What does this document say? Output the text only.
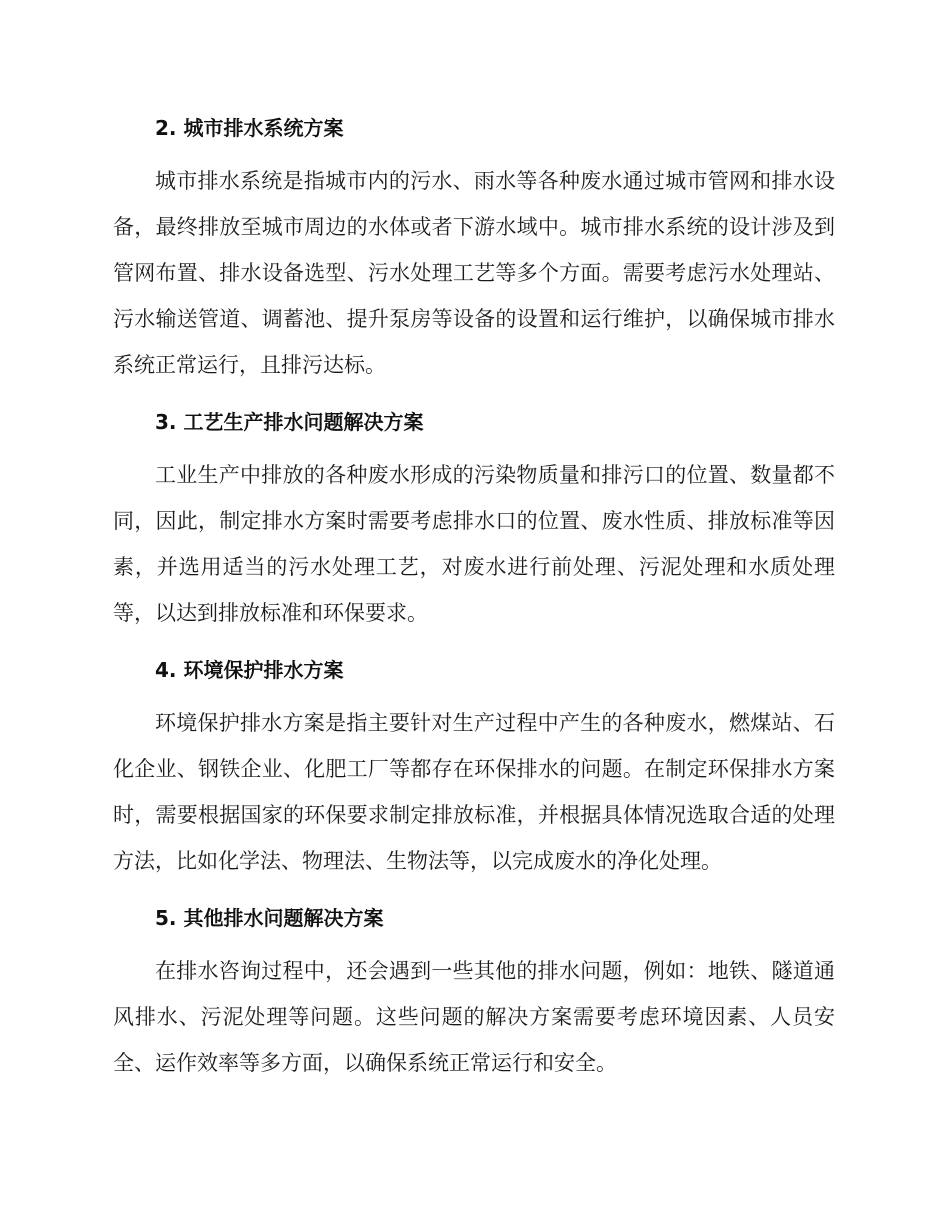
2. 城市排水系统方案

城市排水系统是指城市内的污水、雨水等各种废水通过城市管网和排水设备，最终排放至城市周边的水体或者下游水域中。城市排水系统的设计涉及到管网布置、排水设备选型、污水处理工艺等多个方面。需要考虑污水处理站、污水输送管道、调蓄池、提升泵房等设备的设置和运行维护，以确保城市排水系统正常运行，且排污达标。

3. 工艺生产排水问题解决方案

工业生产中排放的各种废水形成的污染物质量和排污口的位置、数量都不同，因此，制定排水方案时需要考虑排水口的位置、废水性质、排放标准等因素，并选用适当的污水处理工艺，对废水进行前处理、污泥处理和水质处理等，以达到排放标准和环保要求。

4. 环境保护排水方案

环境保护排水方案是指主要针对生产过程中产生的各种废水，燃煤站、石化企业、钢铁企业、化肥工厂等都存在环保排水的问题。在制定环保排水方案时，需要根据国家的环保要求制定排放标准，并根据具体情况选取合适的处理方法，比如化学法、物理法、生物法等，以完成废水的净化处理。

5. 其他排水问题解决方案

在排水咨询过程中，还会遇到一些其他的排水问题，例如：地铁、隧道通风排水、污泥处理等问题。这些问题的解决方案需要考虑环境因素、人员安全、运作效率等多方面，以确保系统正常运行和安全。
